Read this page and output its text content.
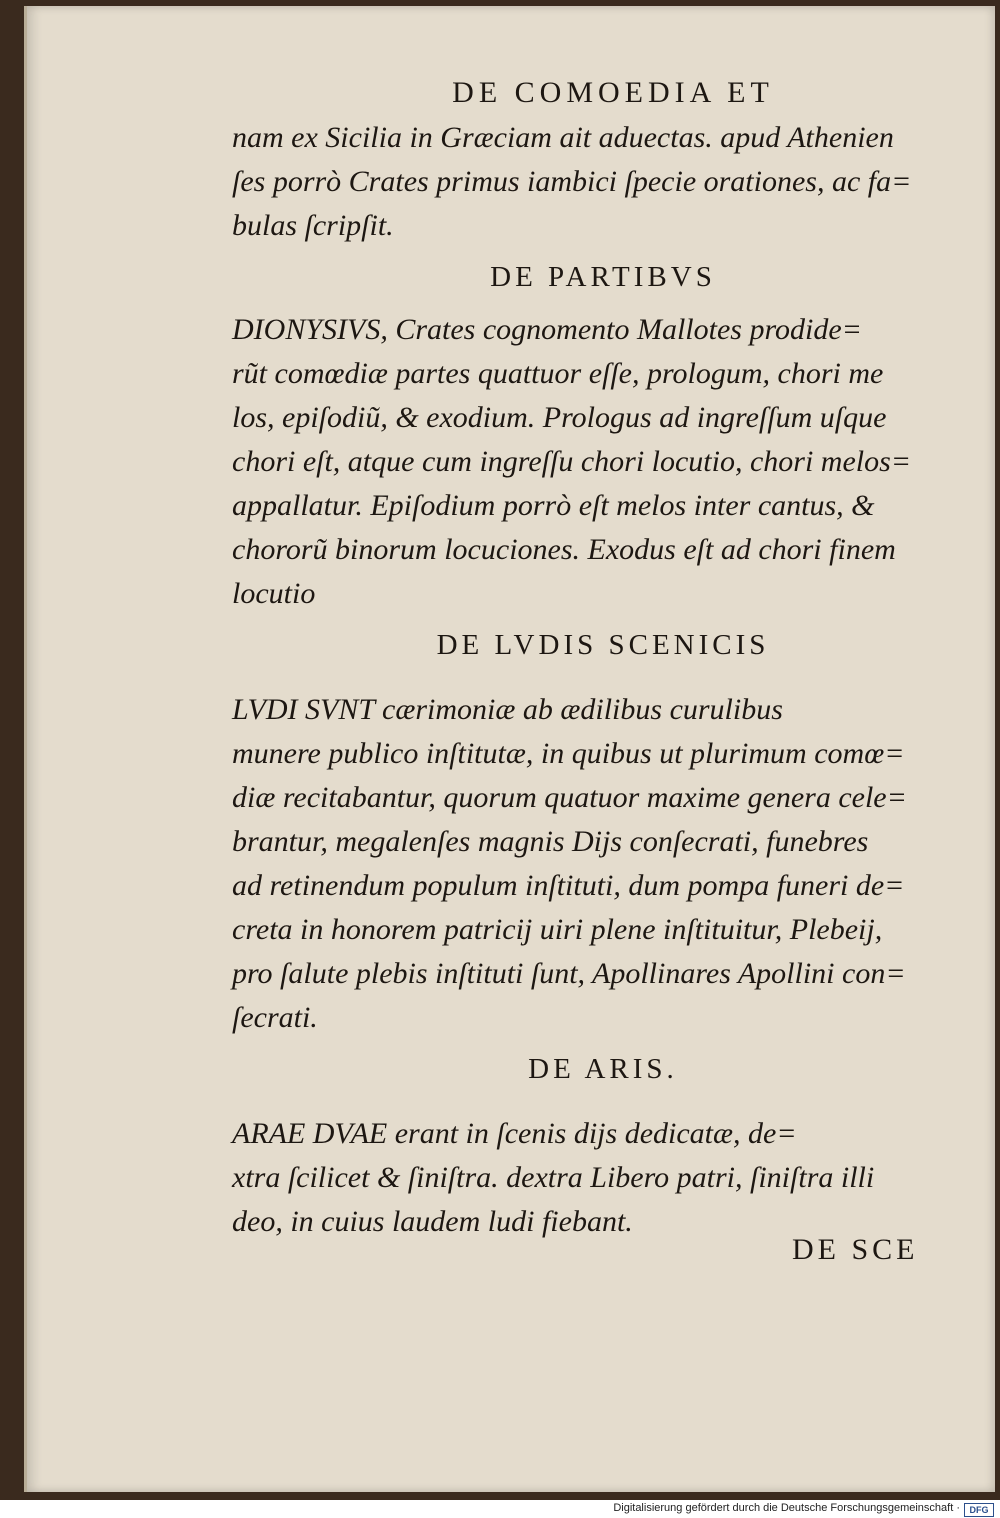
DE COMOEDIA ET
nam ex Sicilia in Græciam ait aduectas. apud Athenien
ſes porrò Crates primus iambici ſpecie orationes, ac fa=
bulas ſcripſit.
DE PARTIBVS
DIONYSIVS, Crates cognomento Mallotes prodide=
rũt comœdiæ partes quattuor eſſe, prologum, chori me
los, epiſodiũ, & exodium. Prologus ad ingreſſum uſque
chori eſt, atque cum ingreſſu chori locutio, chori melos=
appallatur. Epiſodium porrò eſt melos inter cantus, &
chororũ binorum locuciones. Exodus eſt ad chori finem
locutio
DE LVDIS SCENICIS
LVDI SVNT cærimoniæ ab ædilibus curulibus
munere publico inſtitutæ, in quibus ut plurimum comœ=
diæ recitabantur, quorum quatuor maxime genera cele=
brantur, megalenſes magnis Dijs conſecrati, funebres
ad retinendum populum inſtituti, dum pompa funeri de=
creta in honorem patricij uiri plene inſtituitur, Plebeij,
pro ſalute plebis inſtituti ſunt, Apollinares Apollini con=
ſecrati.
DE ARIS.
ARAE DVAE erant in ſcenis dijs dedicatæ, de=
xtra ſcilicet & ſiniſtra. dextra Libero patri, ſiniſtra illi
deo, in cuius laudem ludi fiebant.
DE SCE
Digitalisierung gefördert durch die Deutsche Forschungsgemeinschaft ·	DFG
